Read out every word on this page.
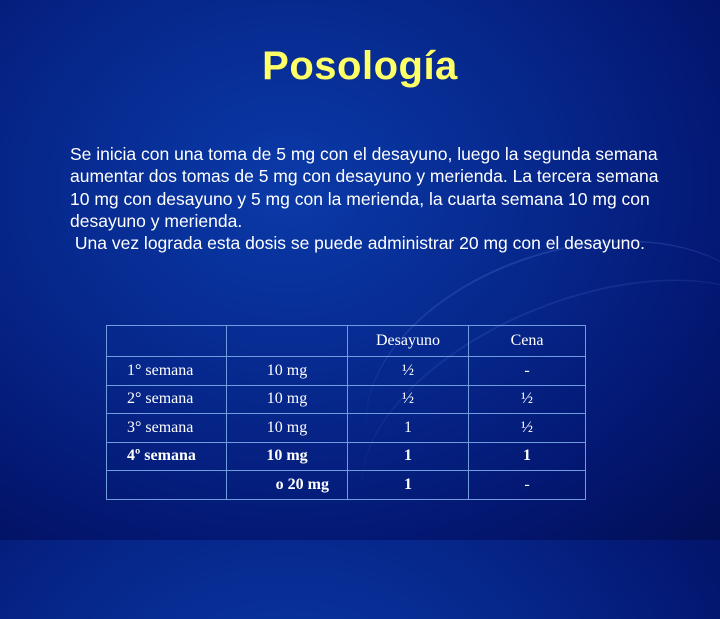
Posología

Se inicia con una toma de 5 mg con el desayuno, luego la segunda semana aumentar dos tomas de 5 mg con desayuno y merienda. La tercera semana 10 mg con desayuno y 5 mg con la merienda, la cuarta semana 10 mg con desayuno y merienda.

Una vez lograda esta dosis se puede administrar 20 mg con el desayuno.

		Desayuno	Cena
1° semana	10 mg	½	-
2° semana	10 mg	½	½
3° semana	10 mg	1	½
4º semana	10 mg	1	1
	o 20 mg	1	-
